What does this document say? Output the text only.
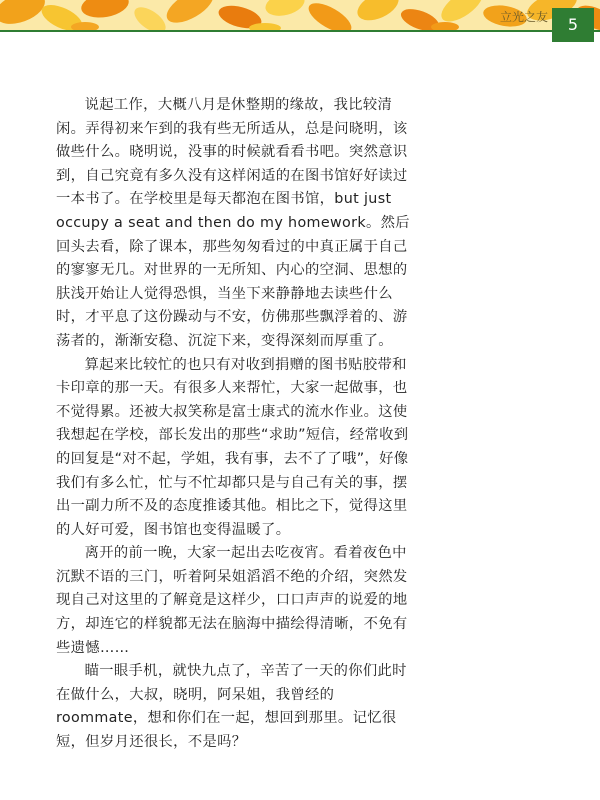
立光之友	5

说起工作，大概八月是休整期的缘故，我比较清闲。弄得初来乍到的我有些无所适从，总是问晓明，该做些什么。晓明说，没事的时候就看看书吧。突然意识到，自己究竟有多久没有这样闲适的在图书馆好好读过一本书了。在学校里是每天都泡在图书馆，but just occupy a seat and then do my homework。然后回头去看，除了课本，那些匆匆看过的中真正属于自己的寥寥无几。对世界的一无所知、内心的空洞、思想的肤浅开始让人觉得恐惧，当坐下来静静地去读些什么时，才平息了这份躁动与不安，仿佛那些飘浮着的、游荡者的，渐渐安稳、沉淀下来，变得深刻而厚重了。

算起来比较忙的也只有对收到捐赠的图书贴胶带和卡印章的那一天。有很多人来帮忙，大家一起做事，也不觉得累。还被大叔笑称是富士康式的流水作业。这使我想起在学校，部长发出的那些“求助”短信，经常收到的回复是“对不起，学姐，我有事，去不了了哦”，好像我们有多么忙，忙与不忙却都只是与自己有关的事，摆出一副力所不及的态度推诿其他。相比之下，觉得这里的人好可爱，图书馆也变得温暖了。

离开的前一晚，大家一起出去吃夜宵。看着夜色中沉默不语的三门，听着阿呆姐滔滔不绝的介绍，突然发现自己对这里的了解竟是这样少，口口声声的说爱的地方，却连它的样貌都无法在脑海中描绘得清晰，不免有些遗憾……

瞄一眼手机，就快九点了，辛苦了一天的你们此时在做什么，大叔，晓明，阿呆姐，我曾经的roommate，想和你们在一起，想回到那里。记忆很短，但岁月还很长，不是吗？
